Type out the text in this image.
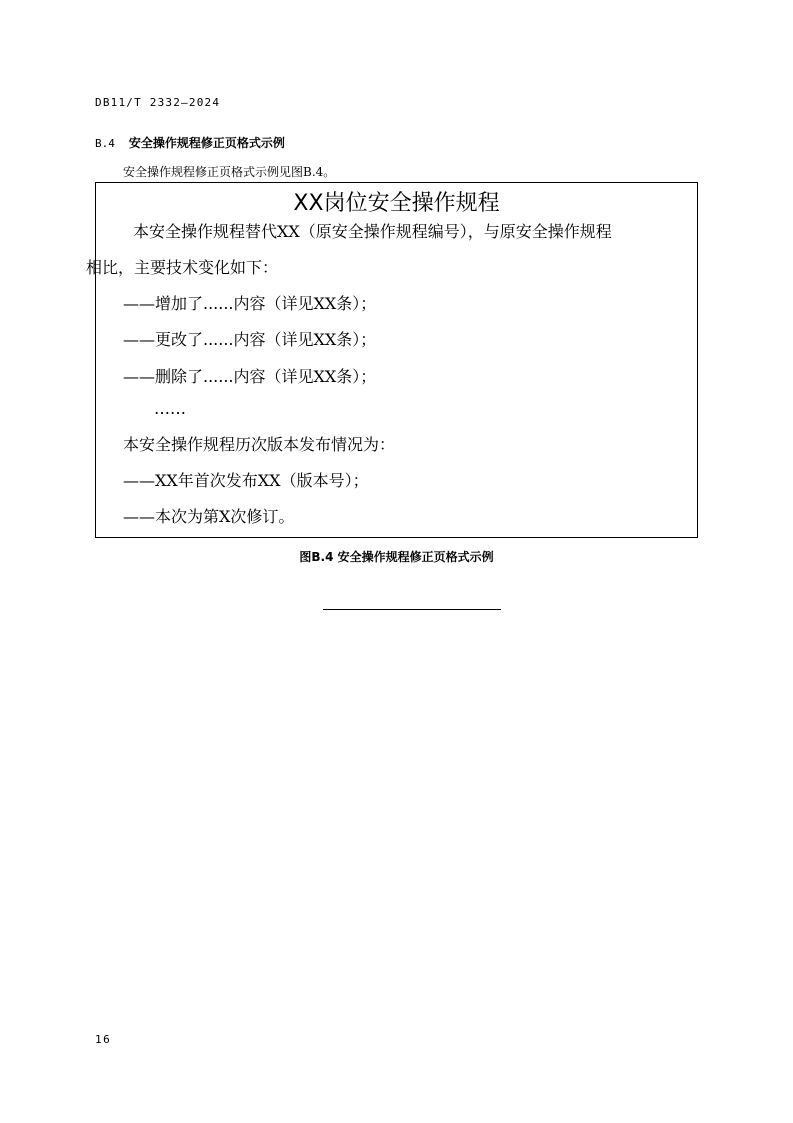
DB11/T 2332—2024
B.4 安全操作规程修正页格式示例
安全操作规程修正页格式示例见图B.4。
XX岗位安全操作规程
本安全操作规程替代XX（原安全操作规程编号），与原安全操作规程
相比，主要技术变化如下：
——增加了......内容（详见XX条）；
——更改了......内容（详见XX条）；
——删除了......内容（详见XX条）；
……
本安全操作规程历次版本发布情况为：
——XX年首次发布XX（版本号）；
——本次为第X次修订。
图B.4 安全操作规程修正页格式示例
16
